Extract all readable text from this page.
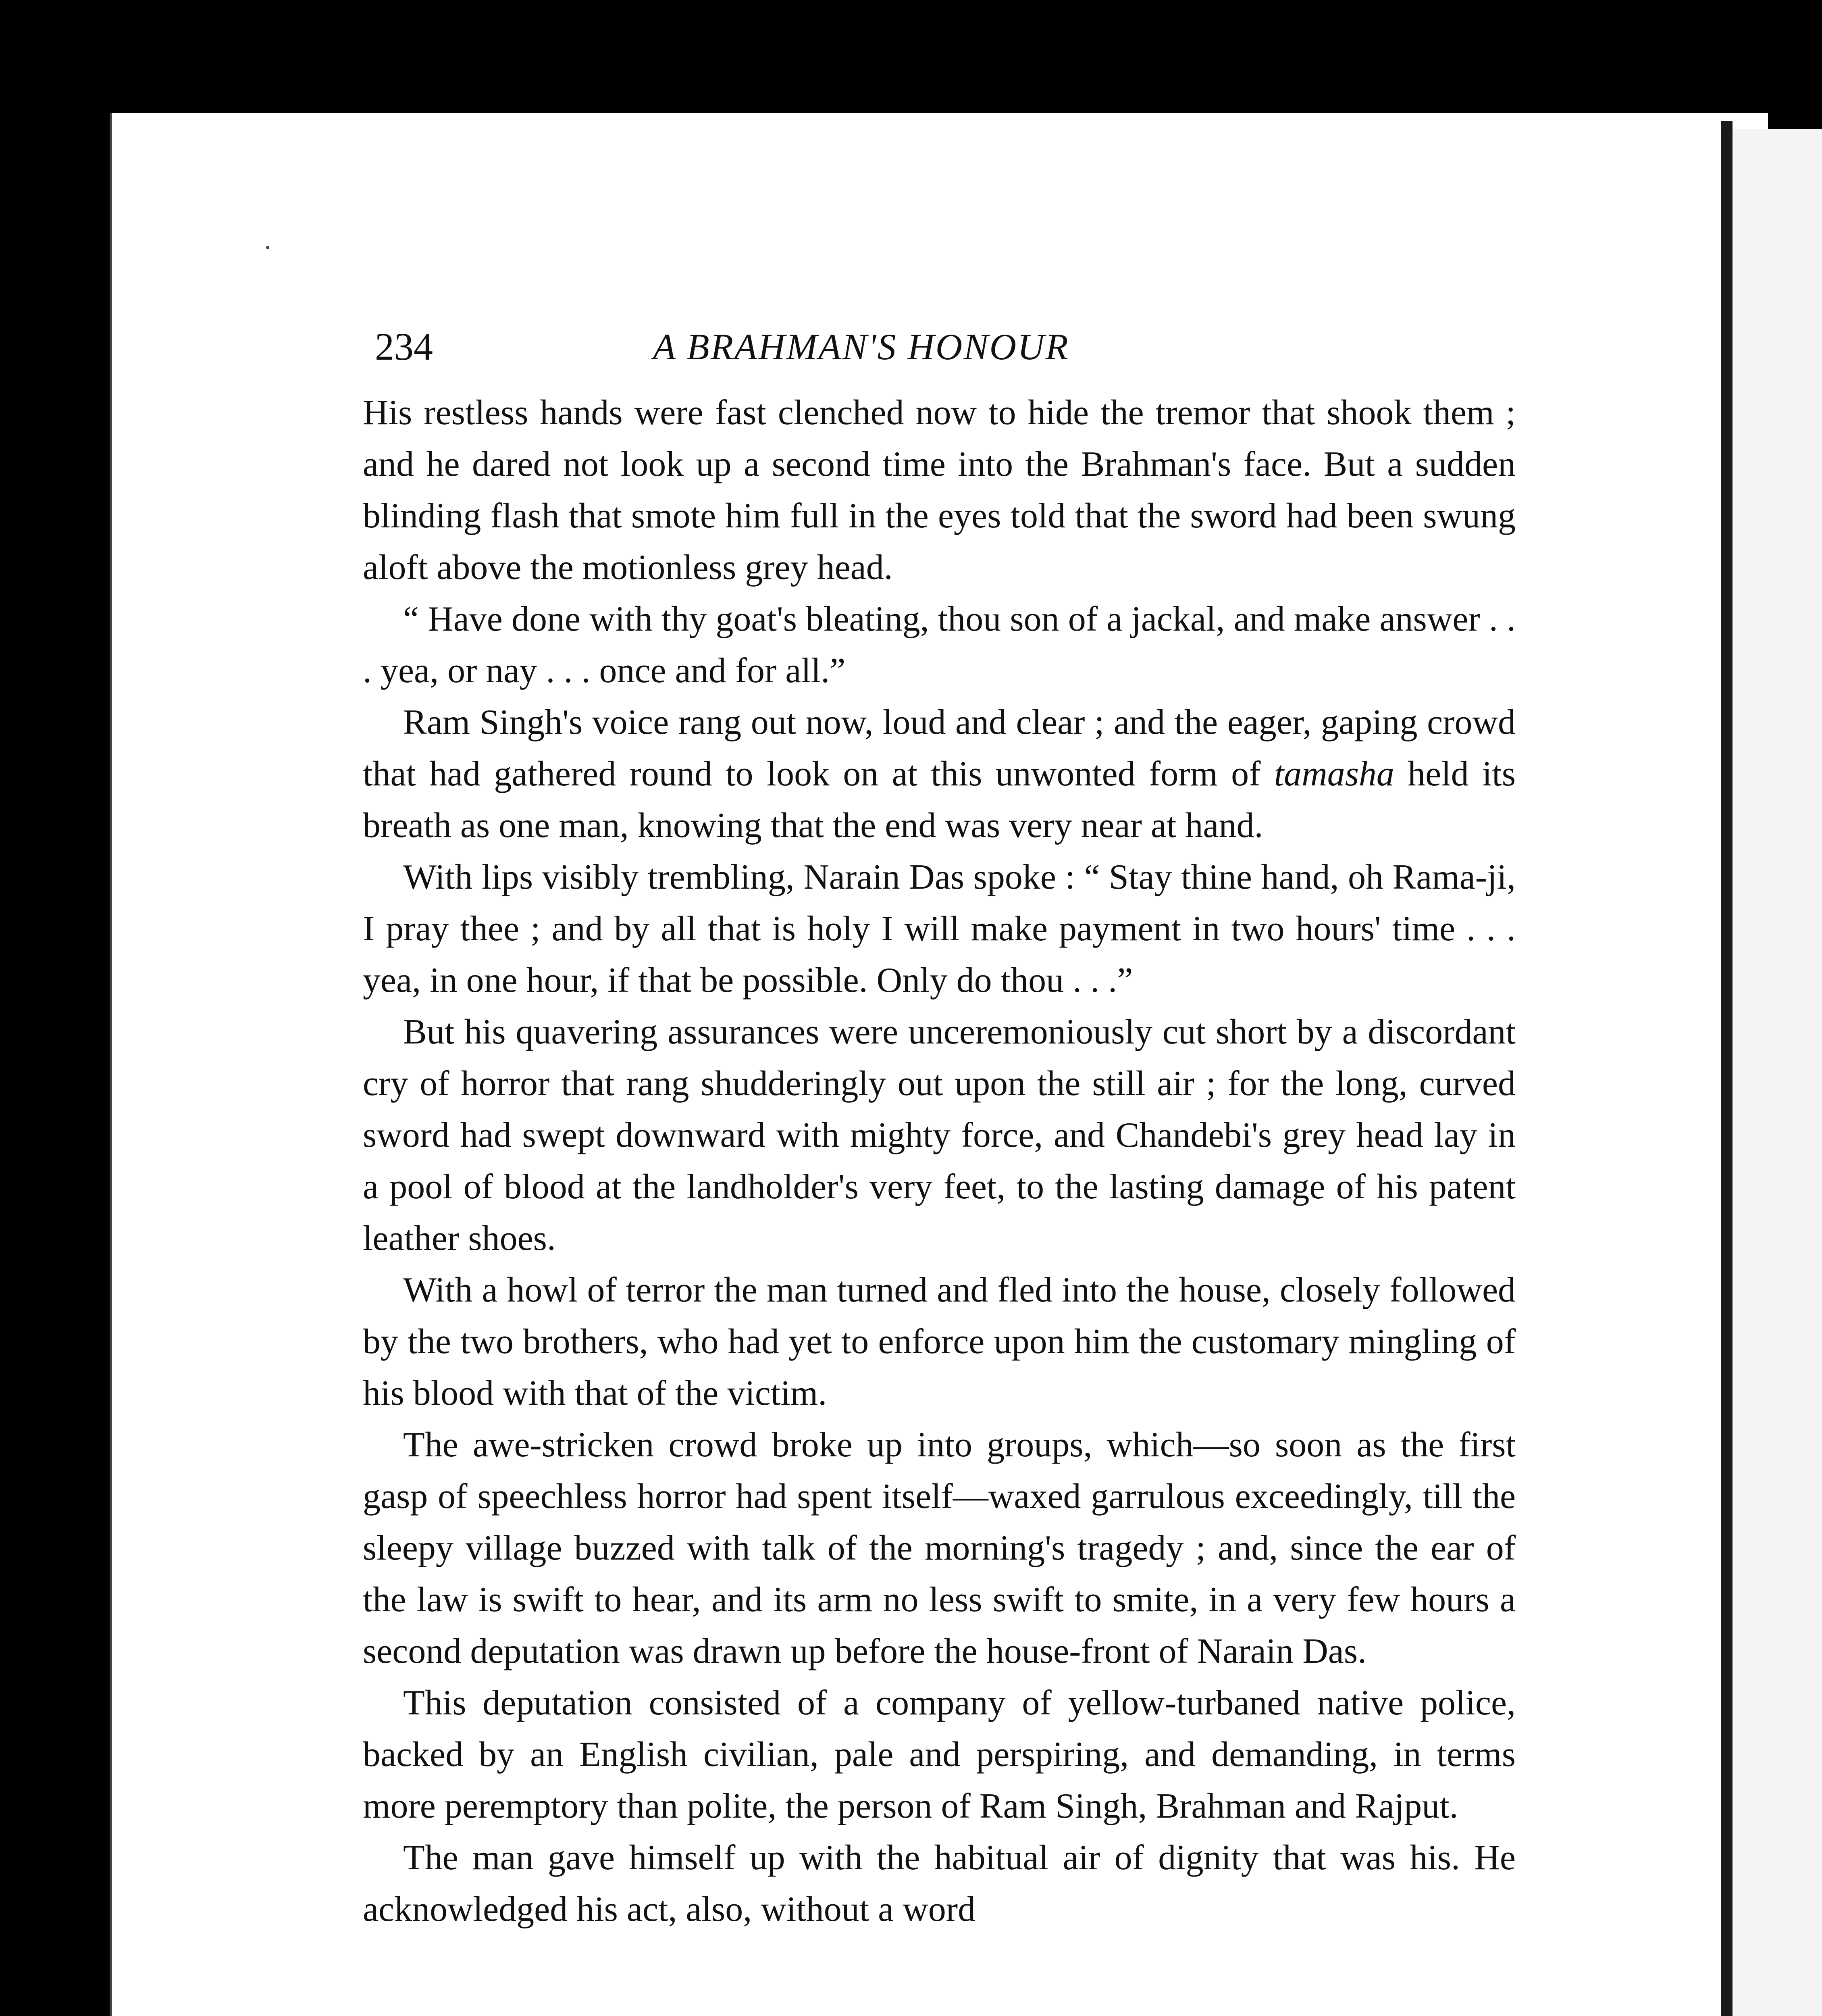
234	A BRAHMAN'S HONOUR

His restless hands were fast clenched now to hide the tremor that shook them ; and he dared not look up a second time into the Brahman's face. But a sudden blinding flash that smote him full in the eyes told that the sword had been swung aloft above the motionless grey head.

“ Have done with thy goat's bleating, thou son of a jackal, and make answer . . . yea, or nay . . . once and for all.”

Ram Singh's voice rang out now, loud and clear ; and the eager, gaping crowd that had gathered round to look on at this unwonted form of tamasha held its breath as one man, knowing that the end was very near at hand.

With lips visibly trembling, Narain Das spoke : “ Stay thine hand, oh Rama-ji, I pray thee ; and by all that is holy I will make payment in two hours' time . . . yea, in one hour, if that be possible. Only do thou . . .”

But his quavering assurances were unceremoniously cut short by a discordant cry of horror that rang shudderingly out upon the still air ; for the long, curved sword had swept downward with mighty force, and Chandebi's grey head lay in a pool of blood at the landholder's very feet, to the lasting damage of his patent leather shoes.

With a howl of terror the man turned and fled into the house, closely followed by the two brothers, who had yet to enforce upon him the customary mingling of his blood with that of the victim.

The awe-stricken crowd broke up into groups, which—so soon as the first gasp of speechless horror had spent itself—waxed garrulous exceedingly, till the sleepy village buzzed with talk of the morning's tragedy ; and, since the ear of the law is swift to hear, and its arm no less swift to smite, in a very few hours a second deputation was drawn up before the house-front of Narain Das.

This deputation consisted of a company of yellow-turbaned native police, backed by an English civilian, pale and perspiring, and demanding, in terms more peremptory than polite, the person of Ram Singh, Brahman and Rajput.

The man gave himself up with the habitual air of dignity that was his. He acknowledged his act, also, without a word
